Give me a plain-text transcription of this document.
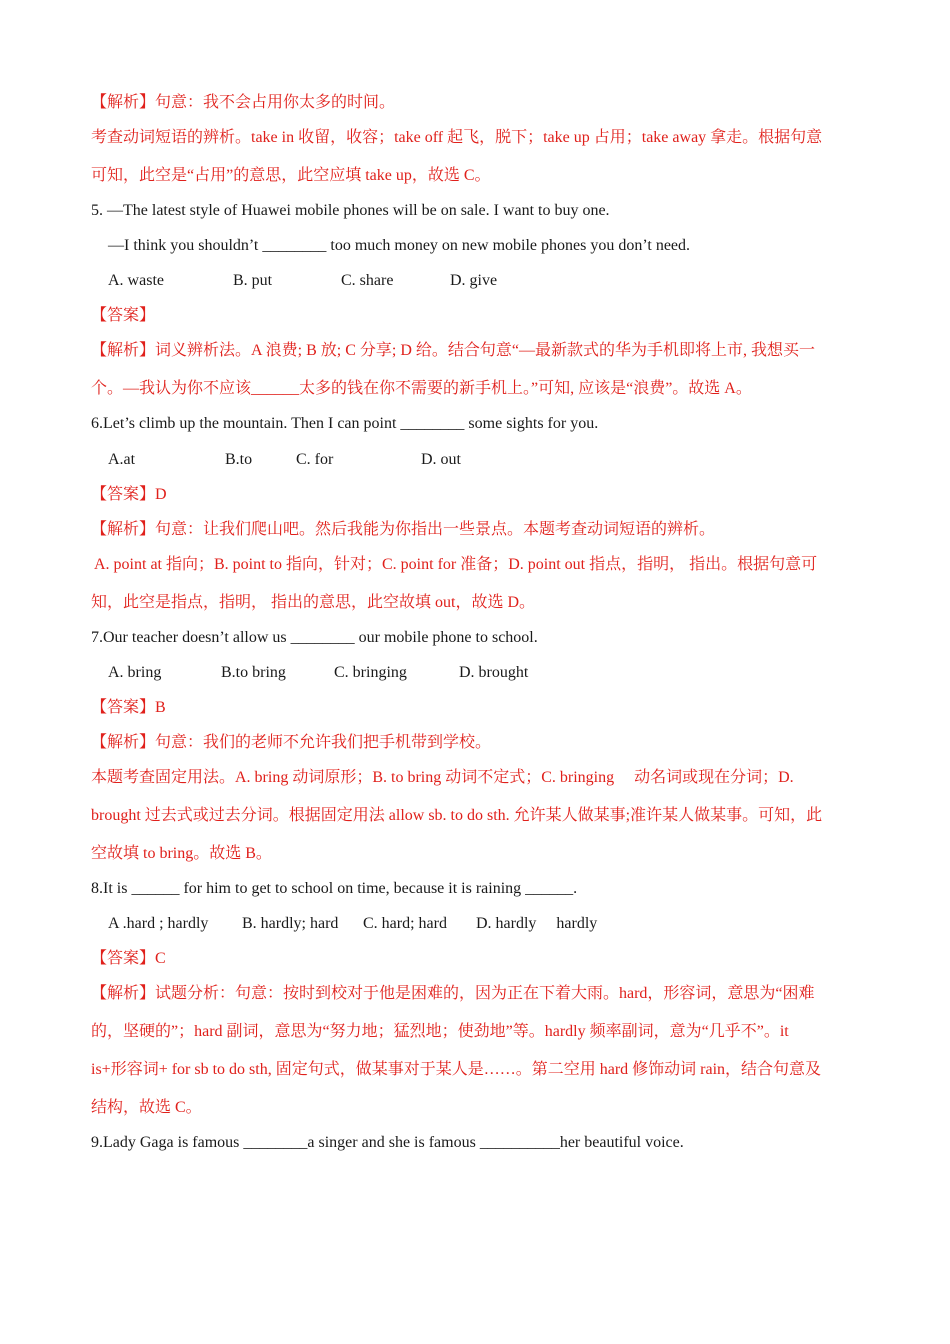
【解析】句意：我不会占用你太多的时间。
考查动词短语的辨析。take in 收留，收容；take off 起飞，脱下；take up 占用；take away 拿走。根据句意
可知，此空是“占用”的意思，此空应填 take up，故选 C。
5. —The latest style of Huawei mobile phones will be on sale. I want to buy one.
—I think you shouldn’t ________ too much money on new mobile phones you don’t need.
A. waste	B. put	C. share	D. give
【答案】
【解析】词义辨析法。A 浪费; B 放; C 分享; D 给。结合句意“—最新款式的华为手机即将上市, 我想买一
个。—我认为你不应该______太多的钱在你不需要的新手机上。”可知, 应该是“浪费”。故选 A。
6.Let’s climb up the mountain. Then I can point ________ some sights for you.
A.at	B.to	C. for	D. out
【答案】D
【解析】句意：让我们爬山吧。然后我能为你指出一些景点。本题考查动词短语的辨析。
A. point at 指向；B. point to 指向，针对；C. point for 准备；D. point out 指点，指明， 指出。根据句意可
知，此空是指点，指明， 指出的意思，此空故填 out，故选 D。
7.Our teacher doesn’t allow us ________ our mobile phone to school.
A. bring	B.to bring	C. bringing	D. brought
【答案】B
【解析】句意：我们的老师不允许我们把手机带到学校。
本题考查固定用法。A. bring 动词原形；B. to bring 动词不定式；C. bringing　 动名词或现在分词；D.
brought 过去式或过去分词。根据固定用法 allow sb. to do sth. 允许某人做某事;准许某人做某事。可知，此
空故填 to bring。故选 B。
8.It is ______ for him to get to school on time, because it is raining ______.
A .hard ; hardly B. hardly; hard C. hard; hard D. hardly　 hardly
【答案】C
【解析】试题分析：句意：按时到校对于他是困难的，因为正在下着大雨。hard，形容词，意思为“困难
的，坚硬的”；hard 副词，意思为“努力地；猛烈地；使劲地”等。hardly 频率副词，意为“几乎不”。it
is+形容词+ for sb to do sth, 固定句式，做某事对于某人是……。第二空用 hard 修饰动词 rain，结合句意及
结构，故选 C。
9.Lady Gaga is famous ________a singer and she is famous __________her beautiful voice.
